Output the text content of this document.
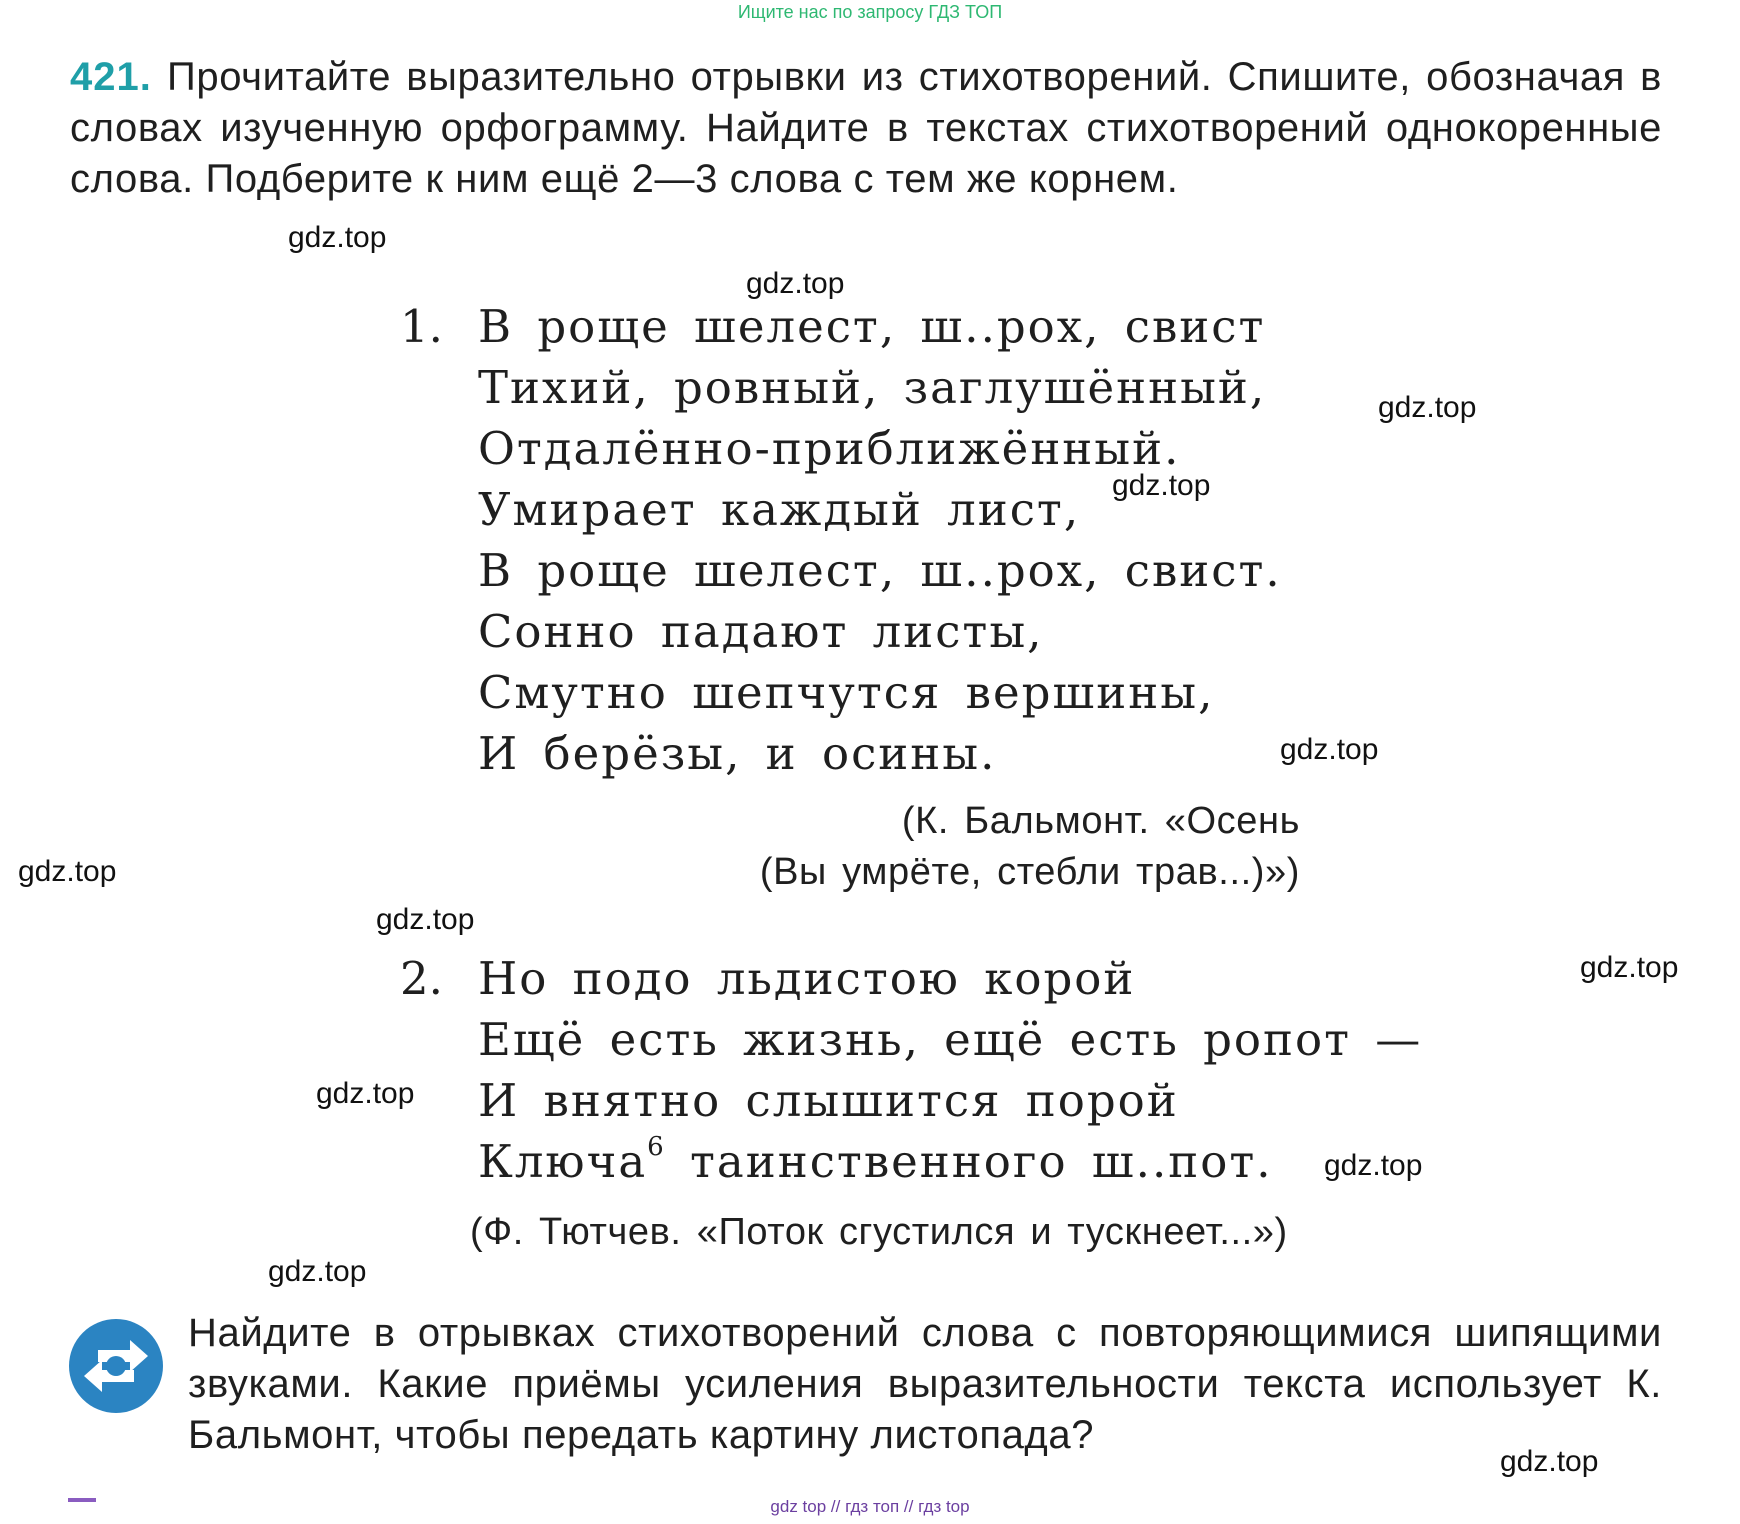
Ищите нас по запросу ГДЗ ТОП
421. Прочитайте выразительно отрывки из стихотворений. Спишите, обозначая в словах изученную орфограмму. Найдите в текстах стихотворений однокоренные слова. Подберите к ним ещё 2—3 слова с тем же корнем.
1. В роще шелест, ш..рох, свист
Тихий, ровный, заглушённый,
Отдалённо-приближённый.
Умирает каждый лист,
В роще шелест, ш..рох, свист.
Сонно падают листы,
Смутно шепчутся вершины,
И берёзы, и осины.
(К. Бальмонт. «Осень
(Вы умрёте, стебли трав...)»)
2. Но подо льдистою корой
Ещё есть жизнь, ещё есть ропот —
И внятно слышится порой
Ключа$^6$ таинственного ш..пот.
(Ф. Тютчев. «Поток сгустился и тускнеет...»)
Найдите в отрывках стихотворений слова с повторяющимися шипящими звуками. Какие приёмы усиления выразительности текста использует К. Бальмонт, чтобы передать картину листопада?
gdz.top
gdz.top
gdz.top
gdz.top
gdz.top
gdz.top
gdz.top
gdz.top
gdz.top
gdz.top
gdz.top
gdz.top
gdz top // гдз топ // гдз top
